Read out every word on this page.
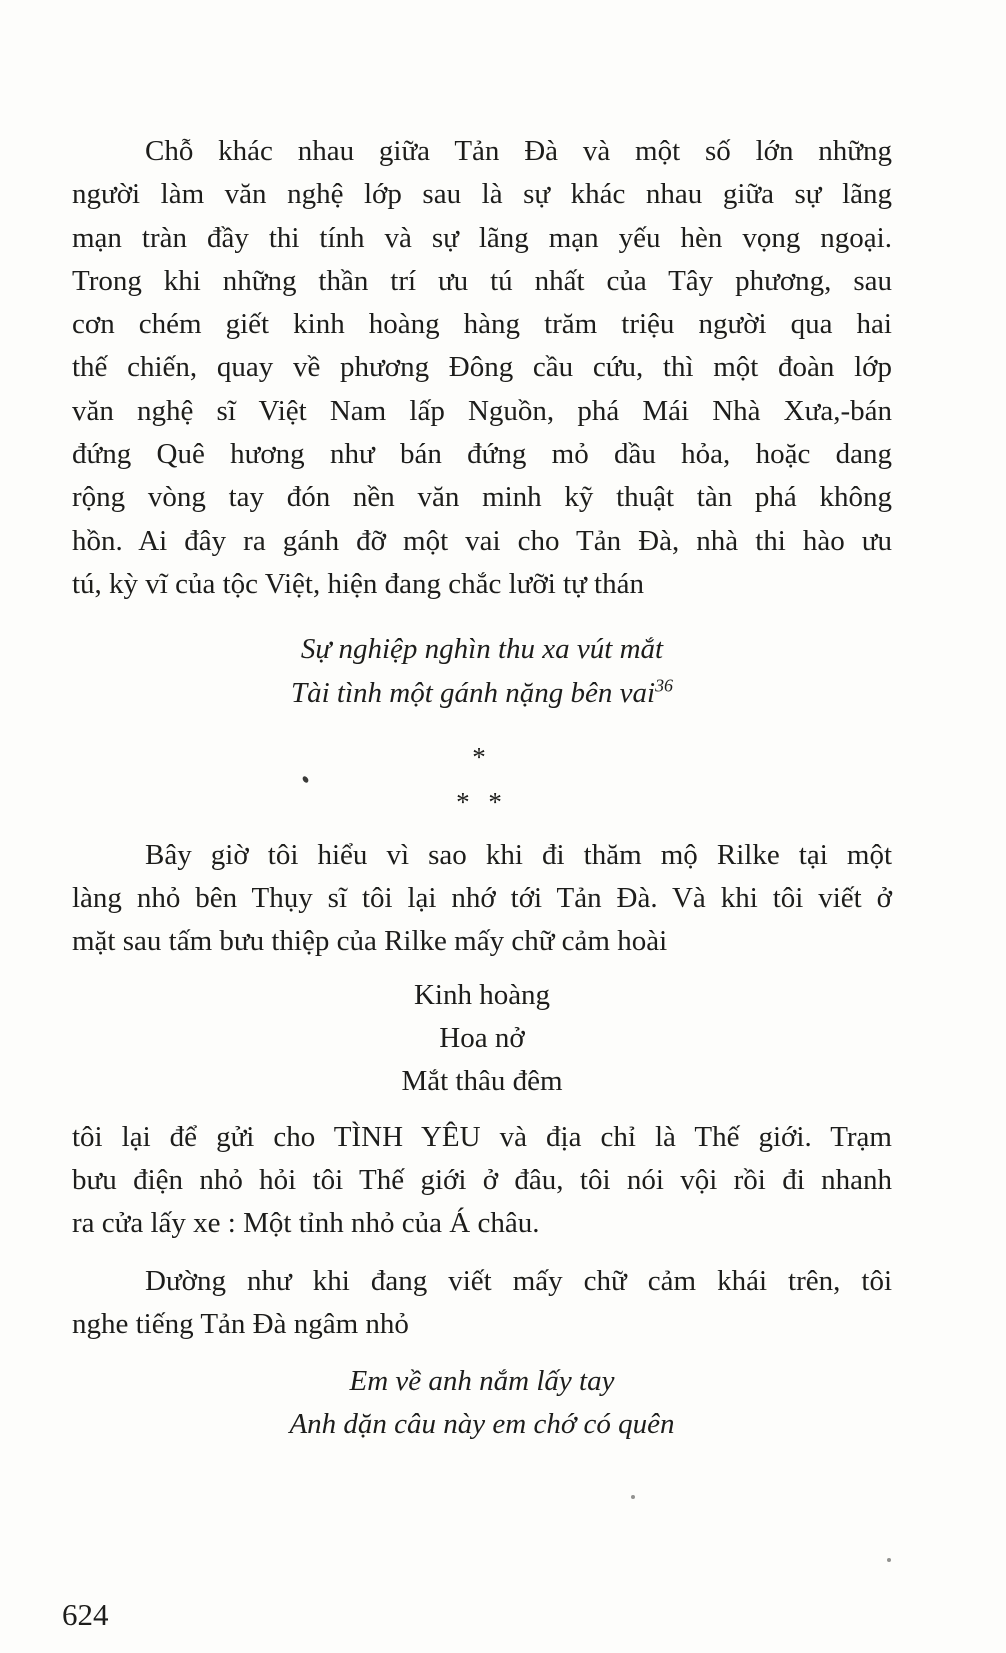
Chỗ khác nhau giữa Tản Đà và một số lớn những

người làm văn nghệ lớp sau là sự khác nhau giữa sự lãng

mạn tràn đầy thi tính và sự lãng mạn yếu hèn vọng ngoại.

Trong khi những thần trí ưu tú nhất của Tây phương, sau

cơn chém giết kinh hoàng hàng trăm triệu người qua hai

thế chiến, quay về phương Đông cầu cứu, thì một đoàn lớp

văn nghệ sĩ Việt Nam lấp Nguồn, phá Mái Nhà Xưa,-bán

đứng Quê hương như bán đứng mỏ dầu hỏa, hoặc dang

rộng vòng tay đón nền văn minh kỹ thuật tàn phá không

hồn. Ai đây ra gánh đỡ một vai cho Tản Đà, nhà thi hào ưu

tú, kỳ vĩ của tộc Việt, hiện đang chắc lưỡi tự thán

Sự nghiệp nghìn thu xa vút mắt

Tài tình một gánh nặng bên vai$^{36}$

*

* *

Bây giờ tôi hiểu vì sao khi đi thăm mộ Rilke tại một

làng nhỏ bên Thụy sĩ tôi lại nhớ tới Tản Đà. Và khi tôi viết ở

mặt sau tấm bưu thiệp của Rilke mấy chữ cảm hoài

Kinh hoàng

Hoa nở

Mắt thâu đêm

tôi lại để gửi cho TÌNH YÊU và địa chỉ là Thế giới. Trạm

bưu điện nhỏ hỏi tôi Thế giới ở đâu, tôi nói vội rồi đi nhanh

ra cửa lấy xe : Một tỉnh nhỏ của Á châu.

Dường như khi đang viết mấy chữ cảm khái trên, tôi

nghe tiếng Tản Đà ngâm nhỏ

Em về anh nắm lấy tay

Anh dặn câu này em chớ có quên

624
